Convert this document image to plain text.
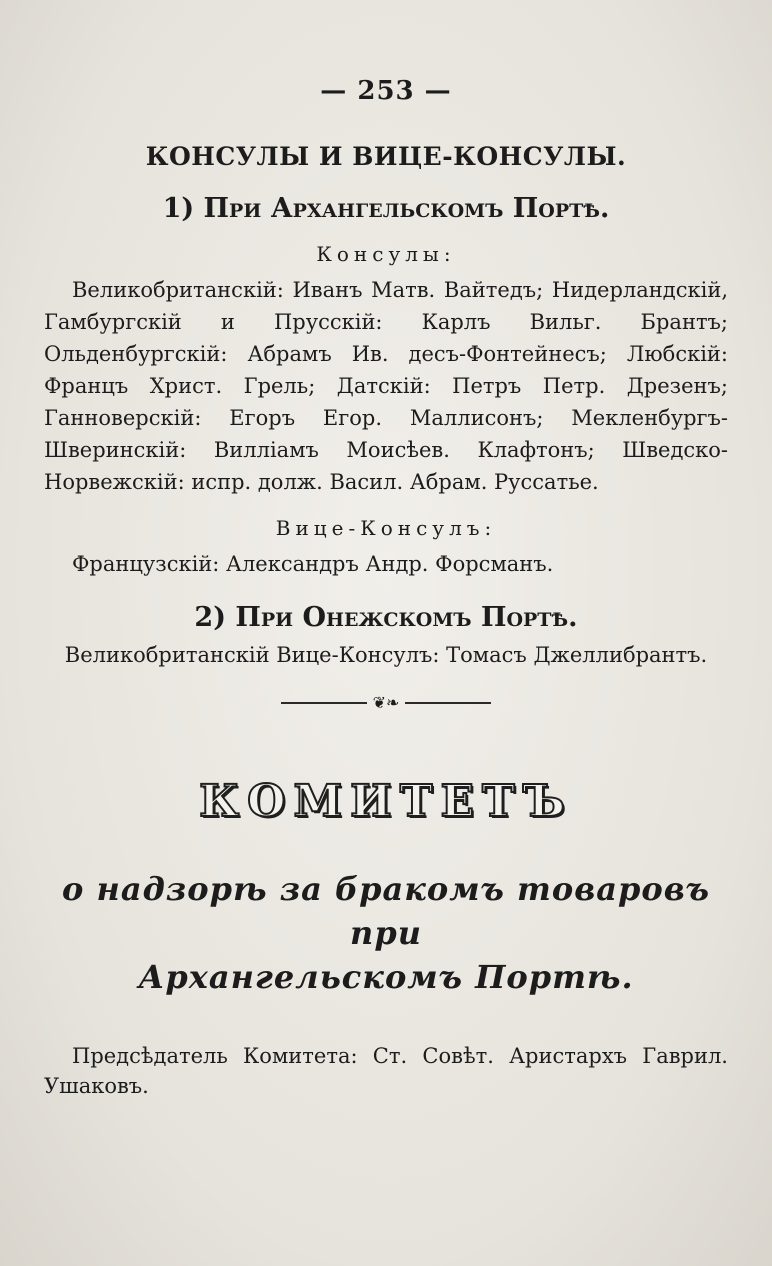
— 253 —
КОНСУЛЫ И ВИЦЕ-КОНСУЛЫ.
1) При Архангельскомъ Портѣ.
Консулы:
Великобританскій: Иванъ Матв. Вайтедъ; Нидерландскій, Гамбургскій и Прусскій: Карлъ Вильг. Брантъ; Ольденбургскій: Абрамъ Ив. десъ-Фонтейнесъ; Любскій: Францъ Христ. Грель; Датскій: Петръ Петр. Дрезенъ; Ганноверскій: Егоръ Егор. Маллисонъ; Мекленбургъ-Шверинскій: Вилліамъ Моисѣев. Клафтонъ; Шведско-Норвежскій: испр. долж. Васил. Абрам. Руссатье.
Вице-Консулъ:
Французскій: Александръ Андр. Форсманъ.
2) При Онежскомъ Портѣ.
Великобританскій Вице-Консулъ: Томасъ Джеллибрантъ.
❦❧
КОМИТЕТЪ
о надзорѣ за бракомъ товаровъ при
Архангельскомъ Портѣ.
Предсѣдатель Комитета: Ст. Совѣт. Аристархъ Гаврил. Ушаковъ.
